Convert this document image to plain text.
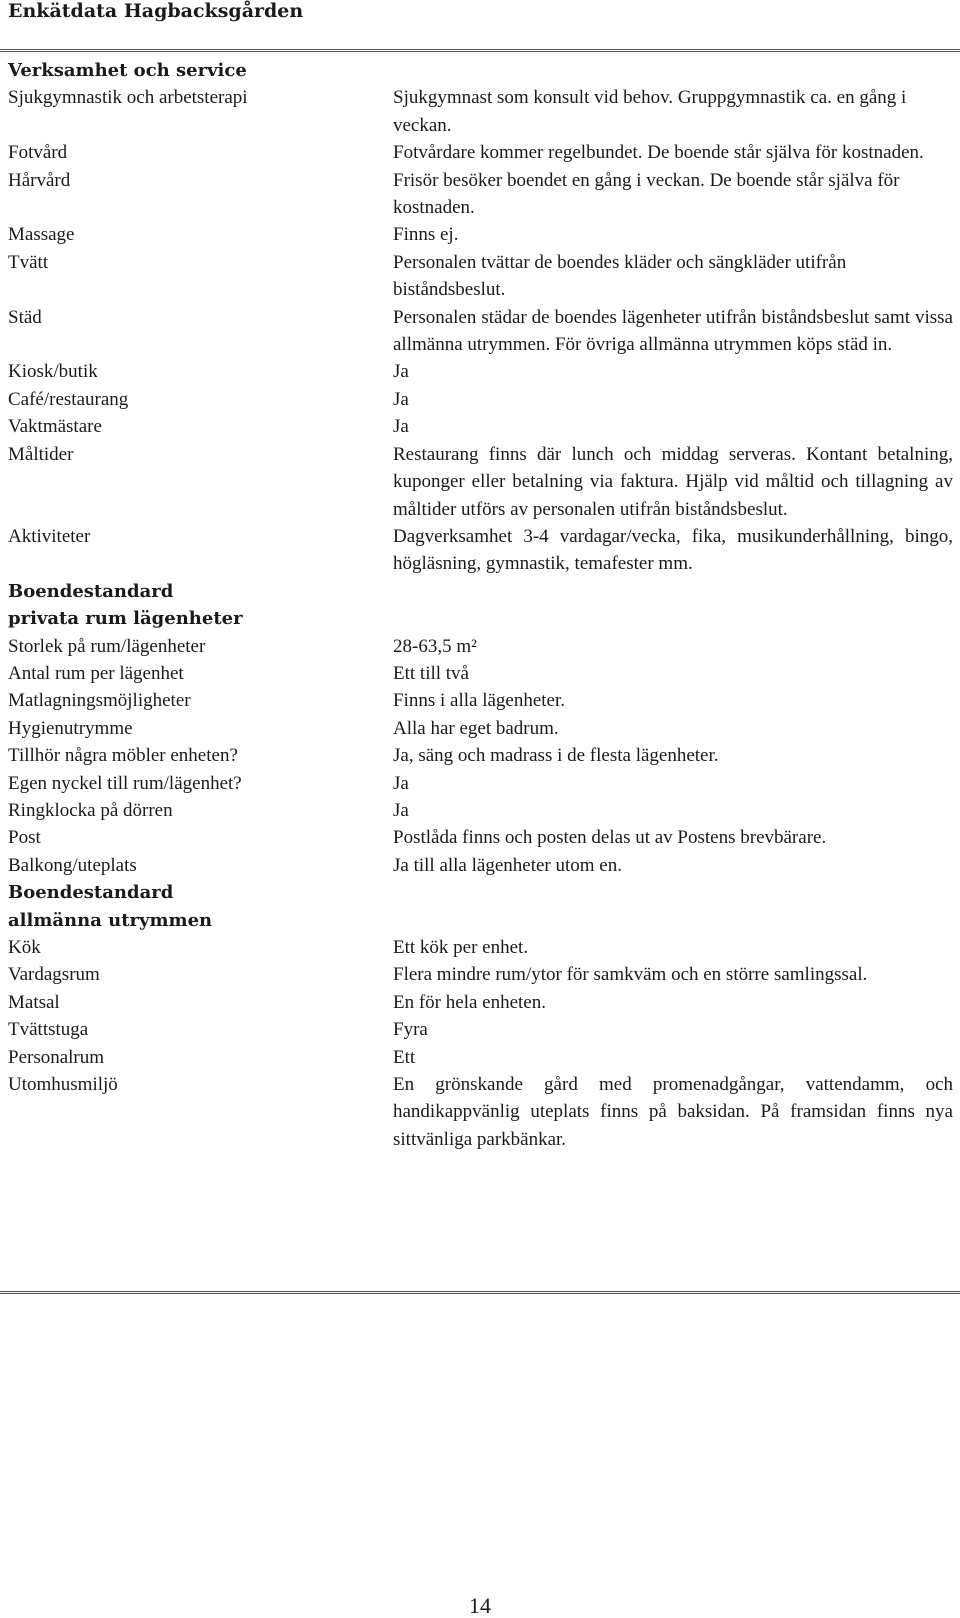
Enkätdata Hagbacksgården
Verksamhet och service
Sjukgymnastik och arbetsterapi	Sjukgymnast som konsult vid behov. Gruppgymnastik ca. en gång i veckan.
Fotvård	Fotvårdare kommer regelbundet. De boende står själva för kostnaden.
Hårvård	Frisör besöker boendet en gång i veckan. De boende står själva för kostnaden.
Massage	Finns ej.
Tvätt	Personalen tvättar de boendes kläder och sängkläder utifrån biståndsbeslut.
Städ	Personalen städar de boendes lägenheter utifrån biståndsbeslut samt vissa allmänna utrymmen. För övriga allmänna utrymmen köps städ in.
Kiosk/butik	Ja
Café/restaurang	Ja
Vaktmästare	Ja
Måltider	Restaurang finns där lunch och middag serveras. Kontant betalning, kuponger eller betalning via faktura. Hjälp vid måltid och tillagning av måltider utförs av personalen utifrån biståndsbeslut.
Aktiviteter	Dagverksamhet 3-4 vardagar/vecka, fika, musikunderhållning, bingo, högläsning, gymnastik, temafester mm.
Boendestandard
privata rum lägenheter
Storlek på rum/lägenheter	28-63,5 m²
Antal rum per lägenhet	Ett till två
Matlagningsmöjligheter	Finns i alla lägenheter.
Hygienutrymme	Alla har eget badrum.
Tillhör några möbler enheten?	Ja, säng och madrass i de flesta lägenheter.
Egen nyckel till rum/lägenhet?	Ja
Ringklocka på dörren	Ja
Post	Postlåda finns och posten delas ut av Postens brevbärare.
Balkong/uteplats	Ja till alla lägenheter utom en.
Boendestandard
allmänna utrymmen
Kök	Ett kök per enhet.
Vardagsrum	Flera mindre rum/ytor för samkväm och en större samlingssal.
Matsal	En för hela enheten.
Tvättstuga	Fyra
Personalrum	Ett
Utomhusmiljö	En grönskande gård med promenadgångar, vattendamm, och handikappvänlig uteplats finns på baksidan. På framsidan finns nya sittvänliga parkbänkar.
14
